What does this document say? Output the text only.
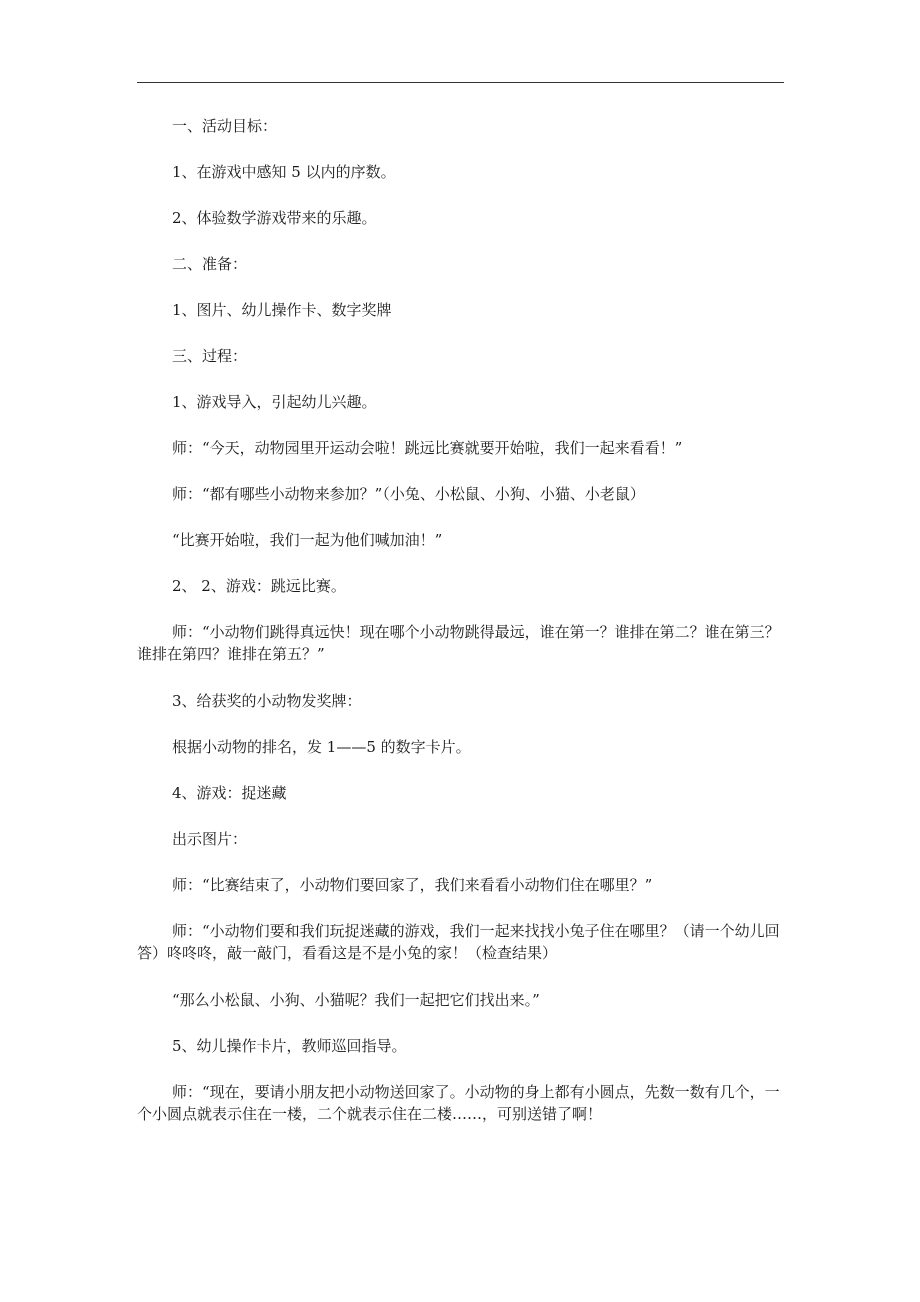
一、活动目标：

1、在游戏中感知 5 以内的序数。

2、体验数学游戏带来的乐趣。

二、准备：

1、图片、幼儿操作卡、数字奖牌

三、过程：

1、游戏导入，引起幼儿兴趣。

师：“今天，动物园里开运动会啦！跳远比赛就要开始啦，我们一起来看看！”

师：“都有哪些小动物来参加？”（小兔、小松鼠、小狗、小猫、小老鼠）

“比赛开始啦，我们一起为他们喊加油！”

2、 2、游戏：跳远比赛。

师：“小动物们跳得真远快！现在哪个小动物跳得最远，谁在第一？谁排在第二？谁在第三？谁排在第四？谁排在第五？”

3、给获奖的小动物发奖牌：

根据小动物的排名，发 1——5 的数字卡片。

4、游戏：捉迷藏

出示图片：

师：“比赛结束了，小动物们要回家了，我们来看看小动物们住在哪里？”

师：“小动物们要和我们玩捉迷藏的游戏，我们一起来找找小兔子住在哪里？（请一个幼儿回答）咚咚咚，敲一敲门，看看这是不是小兔的家！（检查结果）

“那么小松鼠、小狗、小猫呢？我们一起把它们找出来。”

5、幼儿操作卡片，教师巡回指导。

师：“现在，要请小朋友把小动物送回家了。小动物的身上都有小圆点，先数一数有几个，一个小圆点就表示住在一楼，二个就表示住在二楼……，可别送错了啊！
